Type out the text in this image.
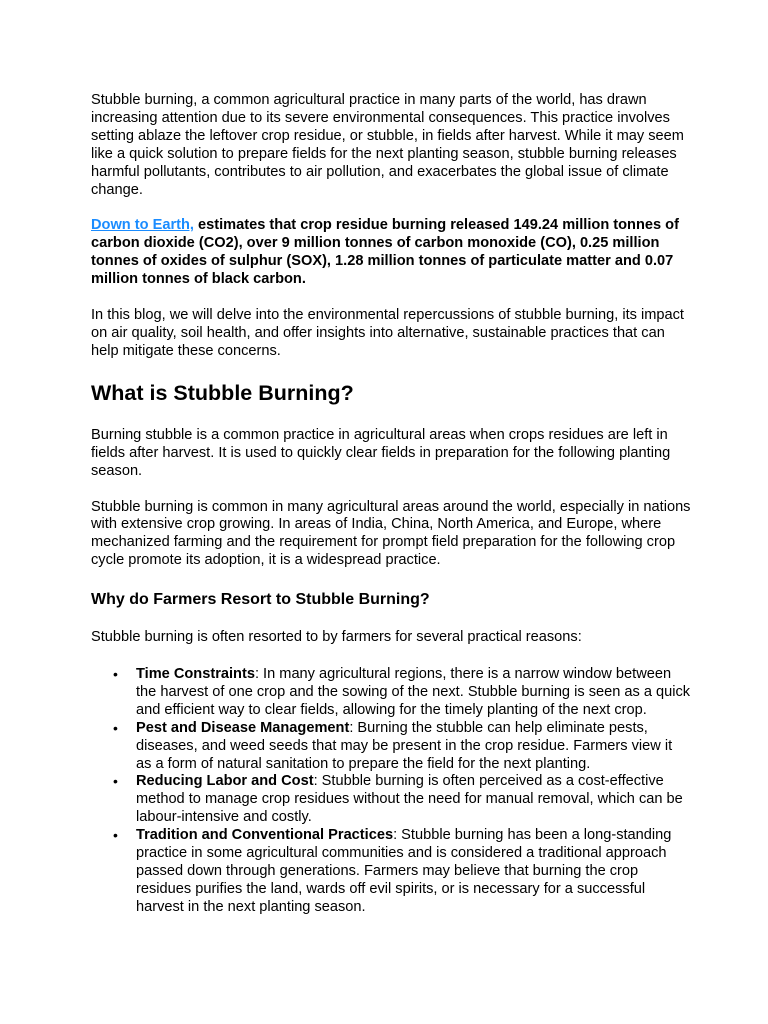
Stubble burning, a common agricultural practice in many parts of the world, has drawn increasing attention due to its severe environmental consequences. This practice involves setting ablaze the leftover crop residue, or stubble, in fields after harvest. While it may seem like a quick solution to prepare fields for the next planting season, stubble burning releases harmful pollutants, contributes to air pollution, and exacerbates the global issue of climate change.

Down to Earth, estimates that crop residue burning released 149.24 million tonnes of carbon dioxide (CO2), over 9 million tonnes of carbon monoxide (CO), 0.25 million tonnes of oxides of sulphur (SOX), 1.28 million tonnes of particulate matter and 0.07 million tonnes of black carbon.

In this blog, we will delve into the environmental repercussions of stubble burning, its impact on air quality, soil health, and offer insights into alternative, sustainable practices that can help mitigate these concerns.

What is Stubble Burning?

Burning stubble is a common practice in agricultural areas when crops residues are left in fields after harvest. It is used to quickly clear fields in preparation for the following planting season.

Stubble burning is common in many agricultural areas around the world, especially in nations with extensive crop growing. In areas of India, China, North America, and Europe, where mechanized farming and the requirement for prompt field preparation for the following crop cycle promote its adoption, it is a widespread practice.

Why do Farmers Resort to Stubble Burning?

Stubble burning is often resorted to by farmers for several practical reasons:

• Time Constraints: In many agricultural regions, there is a narrow window between the harvest of one crop and the sowing of the next. Stubble burning is seen as a quick and efficient way to clear fields, allowing for the timely planting of the next crop.
• Pest and Disease Management: Burning the stubble can help eliminate pests, diseases, and weed seeds that may be present in the crop residue. Farmers view it as a form of natural sanitation to prepare the field for the next planting.
• Reducing Labor and Cost: Stubble burning is often perceived as a cost-effective method to manage crop residues without the need for manual removal, which can be labour-intensive and costly.
• Tradition and Conventional Practices: Stubble burning has been a long-standing practice in some agricultural communities and is considered a traditional approach passed down through generations. Farmers may believe that burning the crop residues purifies the land, wards off evil spirits, or is necessary for a successful harvest in the next planting season.
